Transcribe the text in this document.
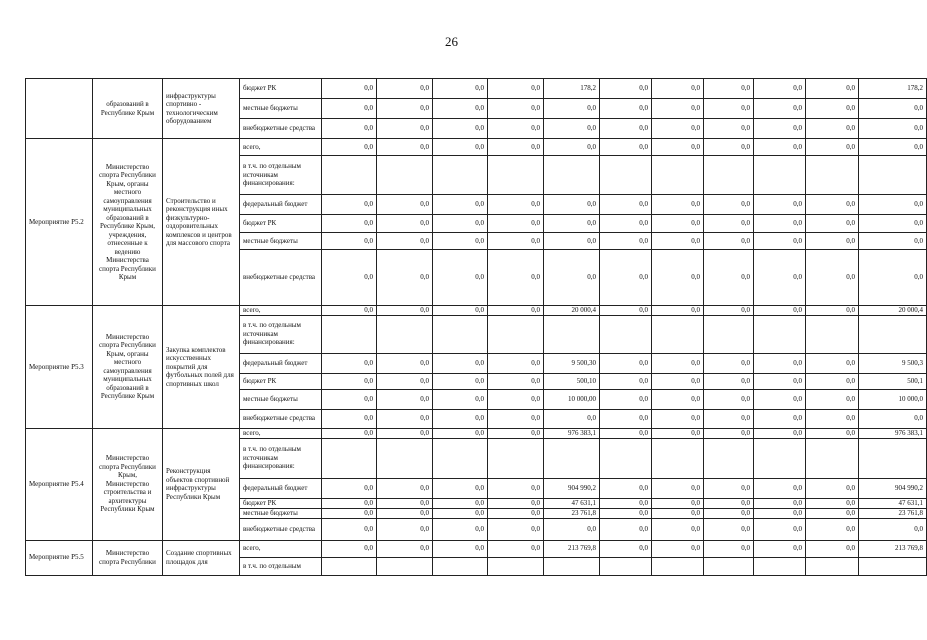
26
	образований в Республике Крым	инфраструктуры спортивно - технологическим оборудованием	бюджет РК	0,0	0,0	0,0	0,0	178,2	0,0	0,0	0,0	0,0	0,0	178,2
			местные бюджеты	0,0	0,0	0,0	0,0	0,0	0,0	0,0	0,0	0,0	0,0	0,0
			внебюджетные средства	0,0	0,0	0,0	0,0	0,0	0,0	0,0	0,0	0,0	0,0	0,0
Мероприятие Р5.2	Министерство спорта Республики Крым, органы местного самоуправления муниципальных образований в Республике Крым, учреждения, отнесенные к ведению Министерства спорта Республики Крым	Строительство и реконструкция иных физкультурно-оздоровительных комплексов и центров для массового спорта	всего,	0,0	0,0	0,0	0,0	0,0	0,0	0,0	0,0	0,0	0,0	0,0
			в т.ч. по отдельным источникам финансирования:											
			федеральный бюджет	0,0	0,0	0,0	0,0	0,0	0,0	0,0	0,0	0,0	0,0	0,0
			бюджет РК	0,0	0,0	0,0	0,0	0,0	0,0	0,0	0,0	0,0	0,0	0,0
			местные бюджеты	0,0	0,0	0,0	0,0	0,0	0,0	0,0	0,0	0,0	0,0	0,0
			внебюджетные средства	0,0	0,0	0,0	0,0	0,0	0,0	0,0	0,0	0,0	0,0	0,0
Мероприятие Р5.3	Министерство спорта Республики Крым, органы местного самоуправления муниципальных образований в Республике Крым	Закупка комплектов искусственных покрытий для футбольных полей для спортивных школ	всего,	0,0	0,0	0,0	0,0	20 000,4	0,0	0,0	0,0	0,0	0,0	20 000,4
			в т.ч. по отдельным источникам финансирования:											
			федеральный бюджет	0,0	0,0	0,0	0,0	9 500,30	0,0	0,0	0,0	0,0	0,0	9 500,3
			бюджет РК	0,0	0,0	0,0	0,0	500,10	0,0	0,0	0,0	0,0	0,0	500,1
			местные бюджеты	0,0	0,0	0,0	0,0	10 000,00	0,0	0,0	0,0	0,0	0,0	10 000,0
			внебюджетные средства	0,0	0,0	0,0	0,0	0,0	0,0	0,0	0,0	0,0	0,0	0,0
Мероприятие Р5.4	Министерство спорта Республики Крым, Министерство строительства и архитектуры Республики Крым	Реконструкция объектов спортивной инфраструктуры Республики Крым	всего,	0,0	0,0	0,0	0,0	976 383,1	0,0	0,0	0,0	0,0	0,0	976 383,1
			в т.ч. по отдельным источникам финансирования:											
			федеральный бюджет	0,0	0,0	0,0	0,0	904 990,2	0,0	0,0	0,0	0,0	0,0	904 990,2
			бюджет РК	0,0	0,0	0,0	0,0	47 631,1	0,0	0,0	0,0	0,0	0,0	47 631,1
			местные бюджеты	0,0	0,0	0,0	0,0	23 761,8	0,0	0,0	0,0	0,0	0,0	23 761,8
			внебюджетные средства	0,0	0,0	0,0	0,0	0,0	0,0	0,0	0,0	0,0	0,0	0,0
Мероприятие Р5.5	Министерство спорта Республики	Создание спортивных площадок для	всего,	0,0	0,0	0,0	0,0	213 769,8	0,0	0,0	0,0	0,0	0,0	213 769,8
			в т.ч. по отдельным											
